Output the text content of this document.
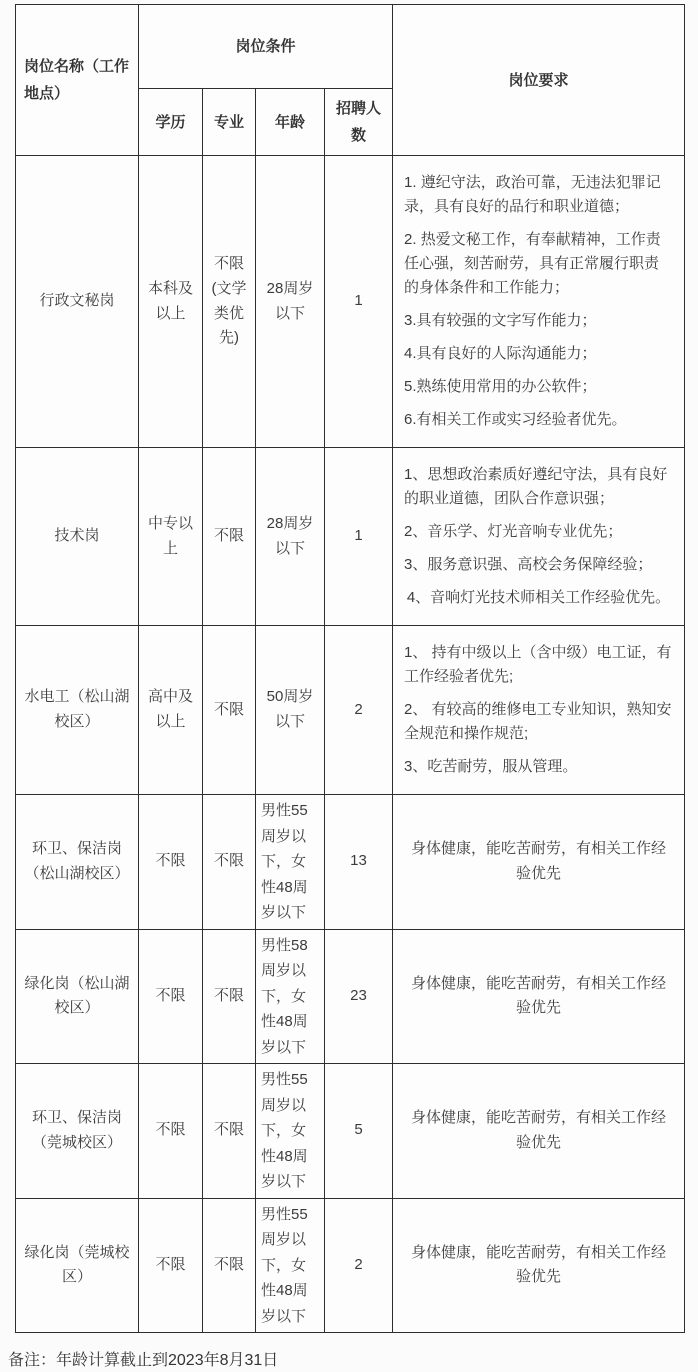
岗位名称（工作地点）	岗位条件				岗位要求
	学历	专业	年龄	招聘人数	
行政文秘岗	本科及以上	不限(文学类优先)	28周岁以下	1	

1. 遵纪守法，政治可靠，无违法犯罪记录，具有良好的品行和职业道德；

2. 热爱文秘工作，有奉献精神，工作责任心强，刻苦耐劳，具有正常履行职责的身体条件和工作能力；

3.具有较强的文字写作能力；

4.具有良好的人际沟通能力；

5.熟练使用常用的办公软件；

6.有相关工作或实习经验者优先。

技术岗	中专以上	不限	28周岁以下	1	1、思想政治素质好遵纪守法，具有良好的职业道德，团队合作意识强；

2、音乐学、灯光音响专业优先；

3、服务意识强、高校会务保障经验；

4、音响灯光技术师相关工作经验优先。

水电工（松山湖校区）	高中及以上	不限	50周岁以下	2	1、 持有中级以上（含中级）电工证，有工作经验者优先;

2、 有较高的维修电工专业知识，熟知安全规范和操作规范;

3、吃苦耐劳，服从管理。

环卫、保洁岗（松山湖校区）	不限	不限	男性55周岁以下，女性48周岁以下	13	身体健康，能吃苦耐劳，有相关工作经验优先
绿化岗（松山湖校区）	不限	不限	男性58周岁以下，女性48周岁以下	23	身体健康，能吃苦耐劳，有相关工作经验优先
环卫、保洁岗（莞城校区）	不限	不限	男性55周岁以下，女性48周岁以下	5	身体健康，能吃苦耐劳，有相关工作经验优先
绿化岗（莞城校区）	不限	不限	男性55周岁以下，女性48周岁以下	2	身体健康，能吃苦耐劳，有相关工作经验优先
备注：年龄计算截止到2023年8月31日
